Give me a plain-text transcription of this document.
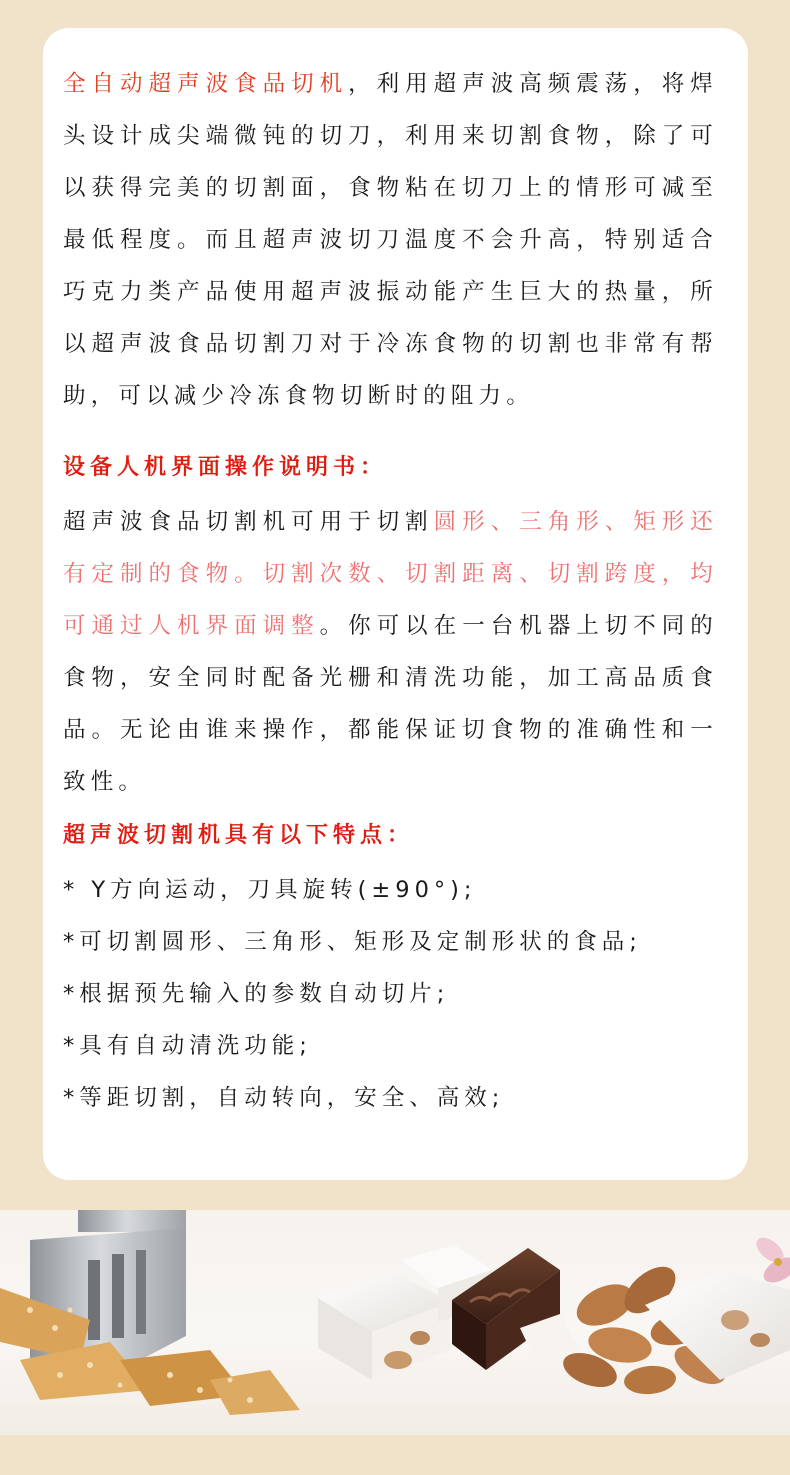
全自动超声波食品切机，利用超声波高频震荡，将焊头设计成尖端微钝的切刀，利用来切割食物，除了可以获得完美的切割面，食物粘在切刀上的情形可减至最低程度。而且超声波切刀温度不会升高，特别适合巧克力类产品使用超声波振动能产生巨大的热量，所以超声波食品切割刀对于冷冻食物的切割也非常有帮助，可以减少冷冻食物切断时的阻力。

设备人机界面操作说明书：

超声波食品切割机可用于切割圆形、三角形、矩形还有定制的食物。切割次数、切割距离、切割跨度，均可通过人机界面调整。你可以在一台机器上切不同的食物，安全同时配备光栅和清洗功能，加工高品质食品。无论由谁来操作，都能保证切食物的准确性和一致性。

超声波切割机具有以下特点：

* Y方向运动，刀具旋转(±90°);

*可切割圆形、三角形、矩形及定制形状的食品;

*根据预先输入的参数自动切片;

*具有自动清洗功能;

*等距切割，自动转向，安全、高效;
